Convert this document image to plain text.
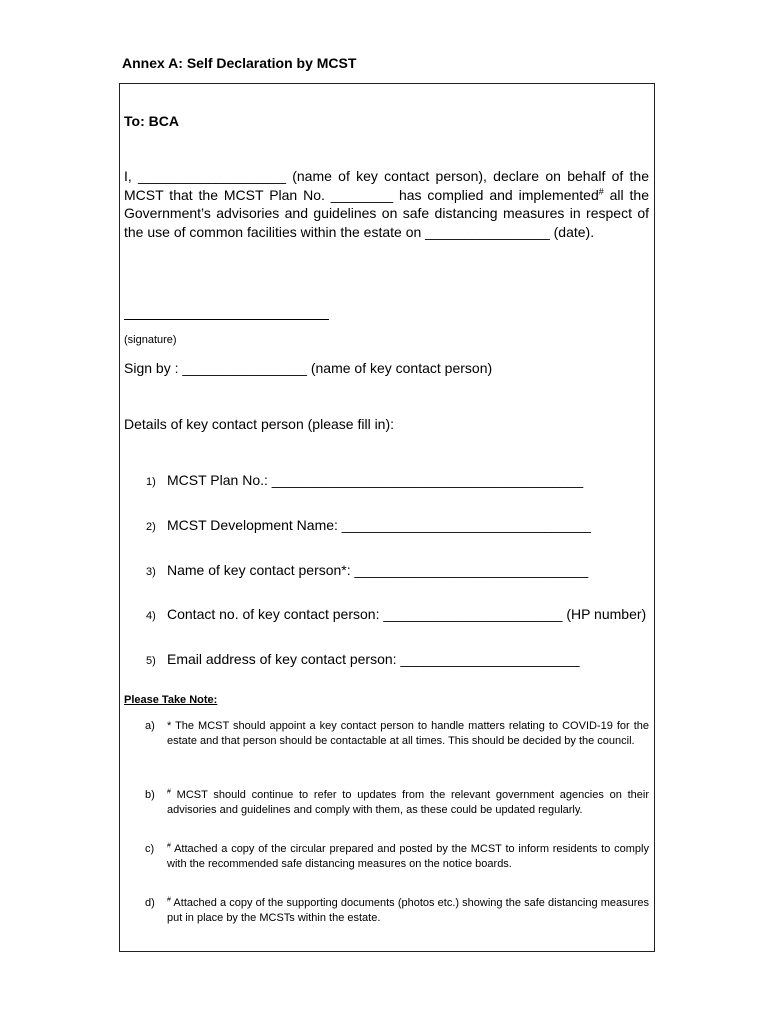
Annex A: Self Declaration by MCST
To: BCA
I, ___________________ (name of key contact person), declare on behalf of the MCST that the MCST Plan No. ________ has complied and implemented# all the Government’s advisories and guidelines on safe distancing measures in respect of the use of common facilities within the estate on ________________ (date).
(signature)
Sign by : ________________ (name of key contact person)
Details of key contact person (please fill in):
1) MCST Plan No.: ________________________________________
2) MCST Development Name: ________________________________
3) Name of key contact person*: ______________________________
4) Contact no. of key contact person: _______________________ (HP number)
5) Email address of key contact person: _______________________
Please Take Note:
a) * The MCST should appoint a key contact person to handle matters relating to COVID-19 for the estate and that person should be contactable at all times. This should be decided by the council.
b) # MCST should continue to refer to updates from the relevant government agencies on their advisories and guidelines and comply with them, as these could be updated regularly.
c) # Attached a copy of the circular prepared and posted by the MCST to inform residents to comply with the recommended safe distancing measures on the notice boards.
d) # Attached a copy of the supporting documents (photos etc.) showing the safe distancing measures put in place by the MCSTs within the estate.
